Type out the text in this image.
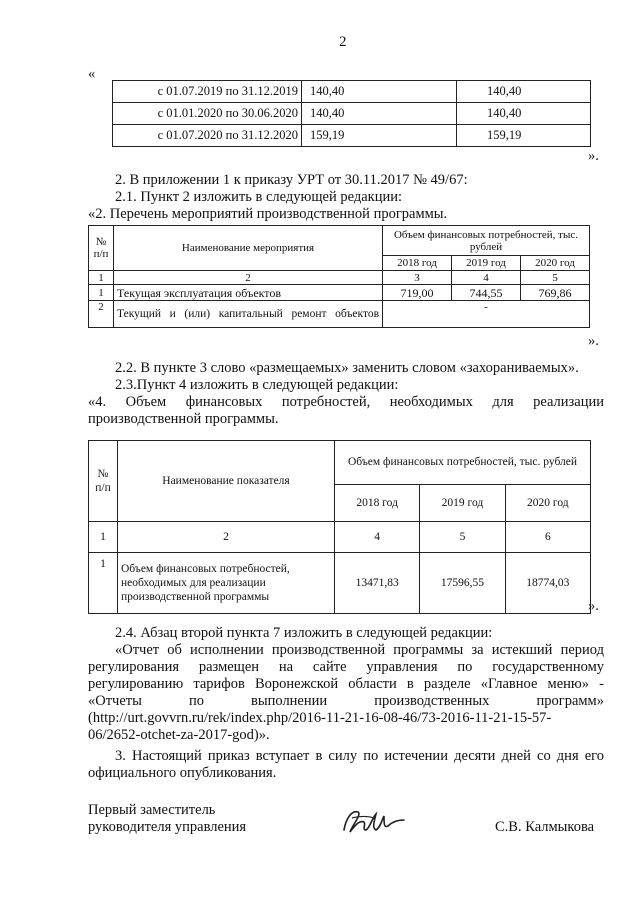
2
«
с 01.07.2019 по 31.12.2019	140,40	140,40
с 01.01.2020 по 30.06.2020	140,40	140,40
с 01.07.2020 по 31.12.2020	159,19	159,19
».
2. В приложении 1 к приказу УРТ от 30.11.2017 № 49/67:
2.1. Пункт 2 изложить в следующей редакции:
«2. Перечень мероприятий производственной программы.
№ п/п	Наименование мероприятия	Объем финансовых потребностей, тыс. рублей		
		2018 год	2019 год	2020 год
1	2	3	4	5
1	Текущая эксплуатация объектов	719,00	744,55	769,86
2	Текущий и (или) капитальный ремонт объектов	-		
».
2.2. В пункте 3 слово «размещаемых» заменить словом «захораниваемых».
2.3.Пункт 4 изложить в следующей редакции:
«4. Объем финансовых потребностей, необходимых для реализации
производственной программы.
№ п/п	Наименование показателя	Объем финансовых потребностей, тыс. рублей		
		2018 год	2019 год	2020 год
1	2	4	5	6
1	Объем финансовых потребностей, необходимых для реализации производственной программы	13471,83	17596,55	18774,03
».
2.4. Абзац второй пункта 7 изложить в следующей редакции:
«Отчет об исполнении производственной программы за истекший период
регулирования размещен на сайте управления по государственному
регулированию тарифов Воронежской области в разделе «Главное меню» -
«Отчеты по выполнении производственных программ»
(http://urt.govvrn.ru/rek/index.php/2016-11-21-16-08-46/73-2016-11-21-15-57-
06/2652-otchet-za-2017-god)».
3. Настоящий приказ вступает в силу по истечении десяти дней со дня его
официального опубликования.
Первый заместитель
руководителя управления	С.В. Калмыкова
